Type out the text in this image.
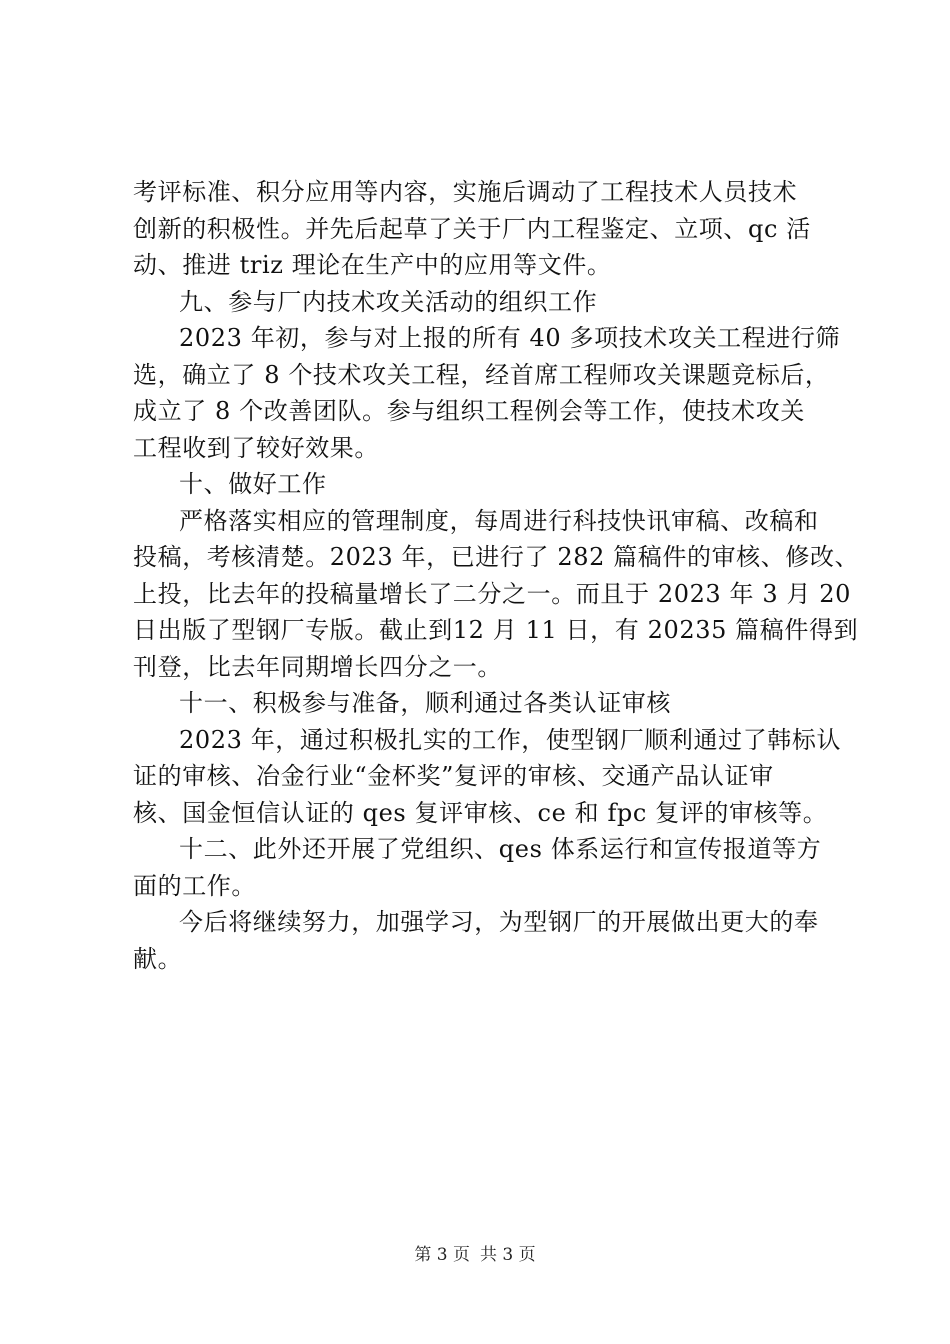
考评标准、积分应用等内容，实施后调动了工程技术人员技术
创新的积极性。并先后起草了关于厂内工程鉴定、立项、qc 活
动、推进 triz 理论在生产中的应用等文件。
九、参与厂内技术攻关活动的组织工作
2023 年初，参与对上报的所有 40 多项技术攻关工程进行筛
选，确立了 8 个技术攻关工程，经首席工程师攻关课题竞标后，
成立了 8 个改善团队。参与组织工程例会等工作，使技术攻关
工程收到了较好效果。
十、做好工作
严格落实相应的管理制度，每周进行科技快讯审稿、改稿和
投稿，考核清楚。2023 年，已进行了 282 篇稿件的审核、修改、
上投，比去年的投稿量增长了二分之一。而且于 2023 年 3 月 20
日出版了型钢厂专版。截止到12 月 11 日，有 20235 篇稿件得到
刊登，比去年同期增长四分之一。
十一、积极参与准备，顺利通过各类认证审核
2023 年，通过积极扎实的工作，使型钢厂顺利通过了韩标认
证的审核、冶金行业“金杯奖”复评的审核、交通产品认证审
核、国金恒信认证的 qes 复评审核、ce 和 fpc 复评的审核等。
十二、此外还开展了党组织、qes 体系运行和宣传报道等方
面的工作。
今后将继续努力，加强学习，为型钢厂的开展做出更大的奉
献。
第 3 页 共 3 页
